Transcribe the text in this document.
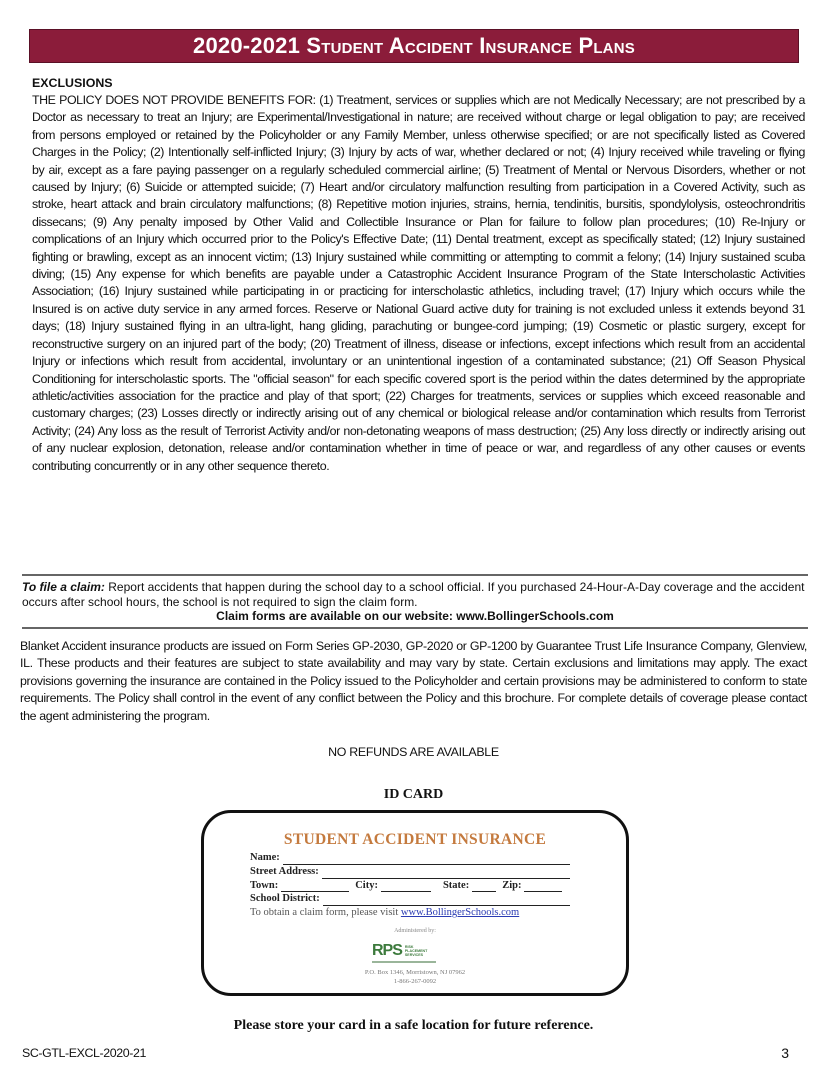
2020-2021 Student Accident Insurance Plans
EXCLUSIONS
THE POLICY DOES NOT PROVIDE BENEFITS FOR: (1) Treatment, services or supplies which are not Medically Necessary; are not prescribed by a Doctor as necessary to treat an Injury; are Experimental/Investigational in nature; are received without charge or legal obligation to pay; are received from persons employed or retained by the Policyholder or any Family Member, unless otherwise specified; or are not specifically listed as Covered Charges in the Policy; (2) Intentionally self-inflicted Injury; (3) Injury by acts of war, whether declared or not; (4) Injury received while traveling or flying by air, except as a fare paying passenger on a regularly scheduled commercial airline; (5) Treatment of Mental or Nervous Disorders, whether or not caused by Injury; (6) Suicide or attempted suicide; (7) Heart and/or circulatory malfunction resulting from participation in a Covered Activity, such as stroke, heart attack and brain circulatory malfunctions; (8) Repetitive motion injuries, strains, hernia, tendinitis, bursitis, spondylolysis, osteochrondritis dissecans; (9) Any penalty imposed by Other Valid and Collectible Insurance or Plan for failure to follow plan procedures; (10) Re-Injury or complications of an Injury which occurred prior to the Policy's Effective Date; (11) Dental treatment, except as specifically stated; (12) Injury sustained fighting or brawling, except as an innocent victim; (13) Injury sustained while committing or attempting to commit a felony; (14) Injury sustained scuba diving; (15) Any expense for which benefits are payable under a Catastrophic Accident Insurance Program of the State Interscholastic Activities Association; (16) Injury sustained while participating in or practicing for interscholastic athletics, including travel; (17) Injury which occurs while the Insured is on active duty service in any armed forces. Reserve or National Guard active duty for training is not excluded unless it extends beyond 31 days; (18) Injury sustained flying in an ultra-light, hang gliding, parachuting or bungee-cord jumping; (19) Cosmetic or plastic surgery, except for reconstructive surgery on an injured part of the body; (20) Treatment of illness, disease or infections, except infections which result from an accidental Injury or infections which result from accidental, involuntary or an unintentional ingestion of a contaminated substance; (21) Off Season Physical Conditioning for interscholastic sports. The "official season" for each specific covered sport is the period within the dates determined by the appropriate athletic/activities association for the practice and play of that sport; (22) Charges for treatments, services or supplies which exceed reasonable and customary charges; (23) Losses directly or indirectly arising out of any chemical or biological release and/or contamination which results from Terrorist Activity; (24) Any loss as the result of Terrorist Activity and/or non-detonating weapons of mass destruction; (25) Any loss directly or indirectly arising out of any nuclear explosion, detonation, release and/or contamination whether in time of peace or war, and regardless of any other causes or events contributing concurrently or in any other sequence thereto.
To file a claim: Report accidents that happen during the school day to a school official. If you purchased 24-Hour-A-Day coverage and the accident occurs after school hours, the school is not required to sign the claim form.
Claim forms are available on our website: www.BollingerSchools.com
Blanket Accident insurance products are issued on Form Series GP-2030, GP-2020 or GP-1200 by Guarantee Trust Life Insurance Company, Glenview, IL. These products and their features are subject to state availability and may vary by state. Certain exclusions and limitations may apply. The exact provisions governing the insurance are contained in the Policy issued to the Policyholder and certain provisions may be administered to conform to state requirements. The Policy shall control in the event of any conflict between the Policy and this brochure. For complete details of coverage please contact the agent administering the program.
NO REFUNDS ARE AVAILABLE
ID CARD
STUDENT ACCIDENT INSURANCE
Name:
Street Address:
Town:	City:	State:	Zip:
School District:
To obtain a claim form, please visit www.BollingerSchools.com
Administered by:
RPS RISK
PLACEMENT
SERVICES
P.O. Box 1346, Morristown, NJ 07962
1-866-267-0092
Please store your card in a safe location for future reference.
SC-GTL-EXCL-2020-21	3
